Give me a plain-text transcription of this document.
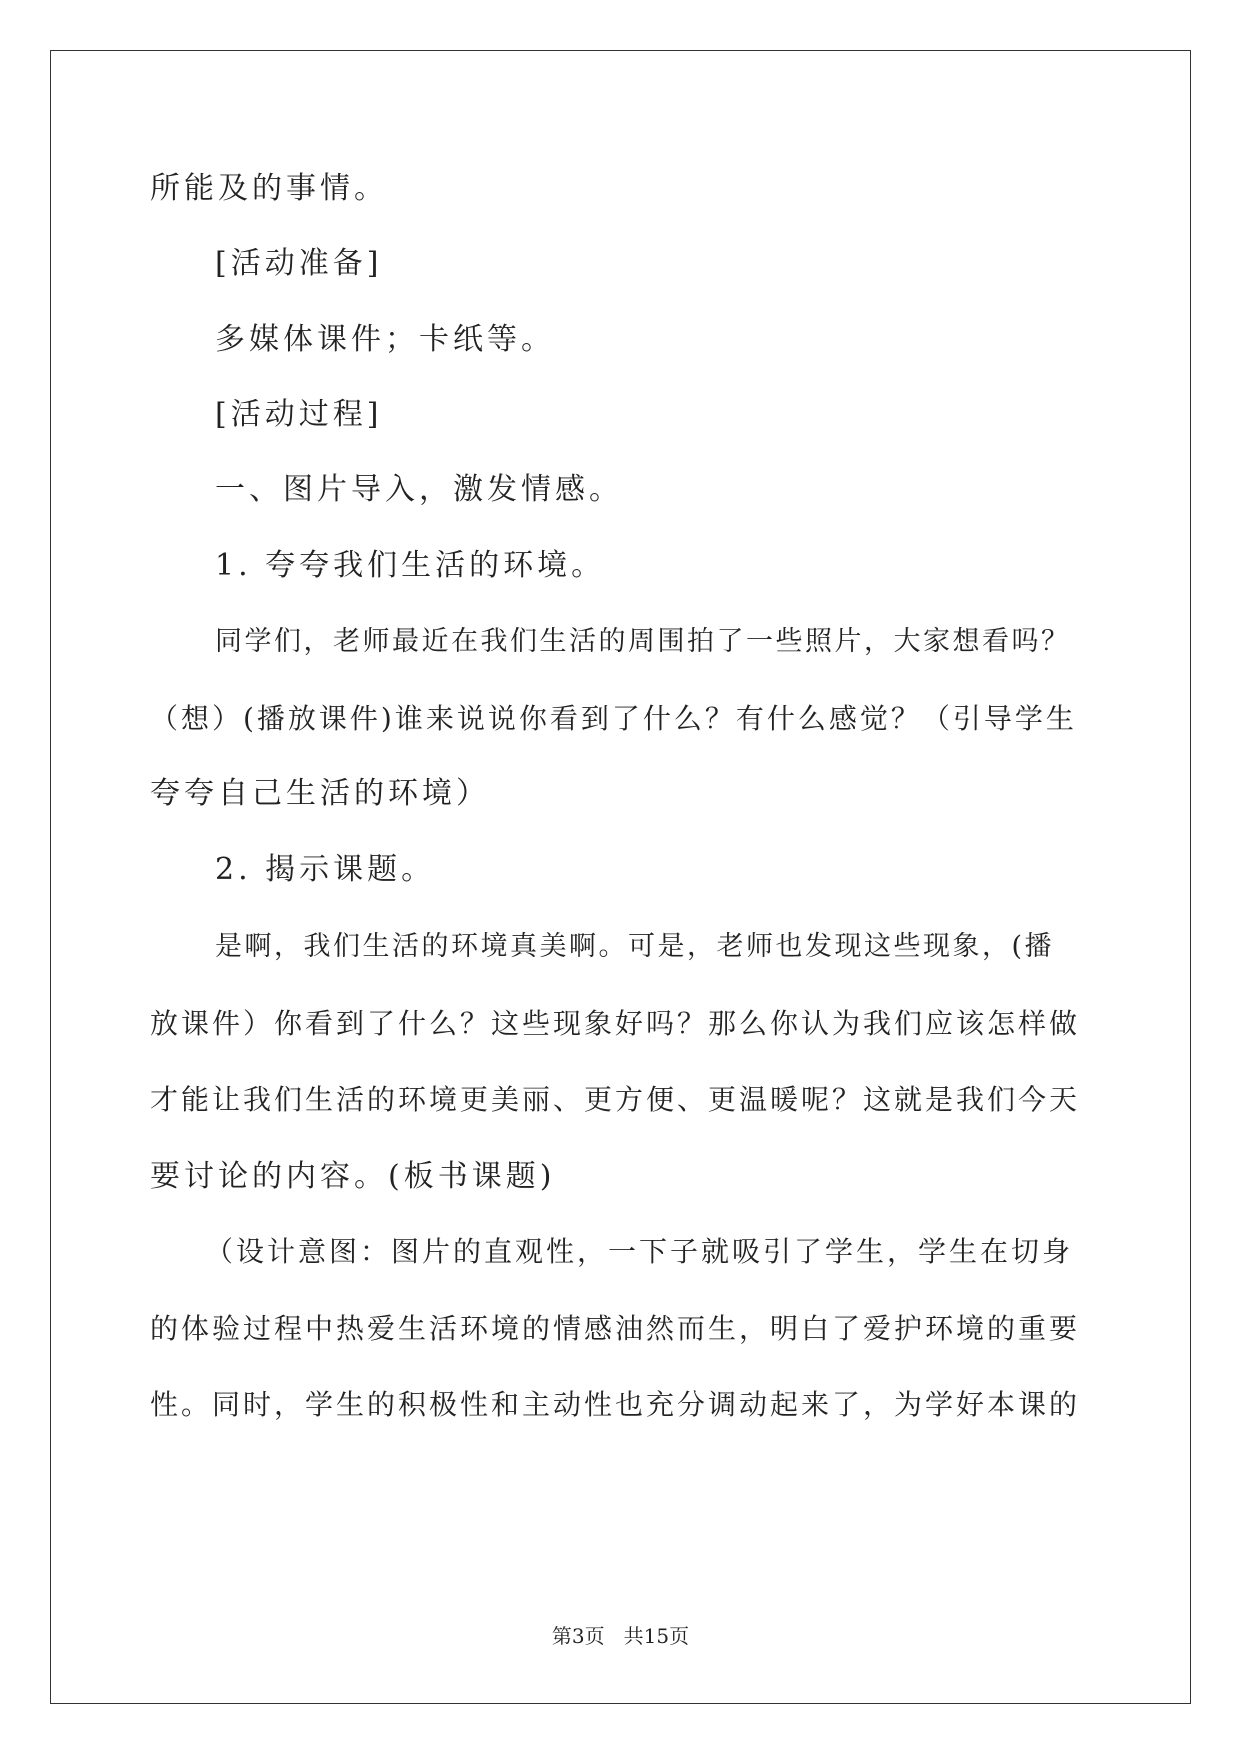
所能及的事情。

[活动准备]

多媒体课件；卡纸等。

[活动过程]

一、图片导入，激发情感。

1. 夸夸我们生活的环境。

同学们，老师最近在我们生活的周围拍了一些照片，大家想看吗？

（想）(播放课件)谁来说说你看到了什么？有什么感觉？（引导学生

夸夸自己生活的环境）

2. 揭示课题。

是啊，我们生活的环境真美啊。可是，老师也发现这些现象，(播

放课件）你看到了什么？这些现象好吗？那么你认为我们应该怎样做

才能让我们生活的环境更美丽、更方便、更温暖呢？这就是我们今天

要讨论的内容。(板书课题)

（设计意图：图片的直观性，一下子就吸引了学生，学生在切身

的体验过程中热爱生活环境的情感油然而生，明白了爱护环境的重要

性。同时，学生的积极性和主动性也充分调动起来了，为学好本课的

第3页   共15页
